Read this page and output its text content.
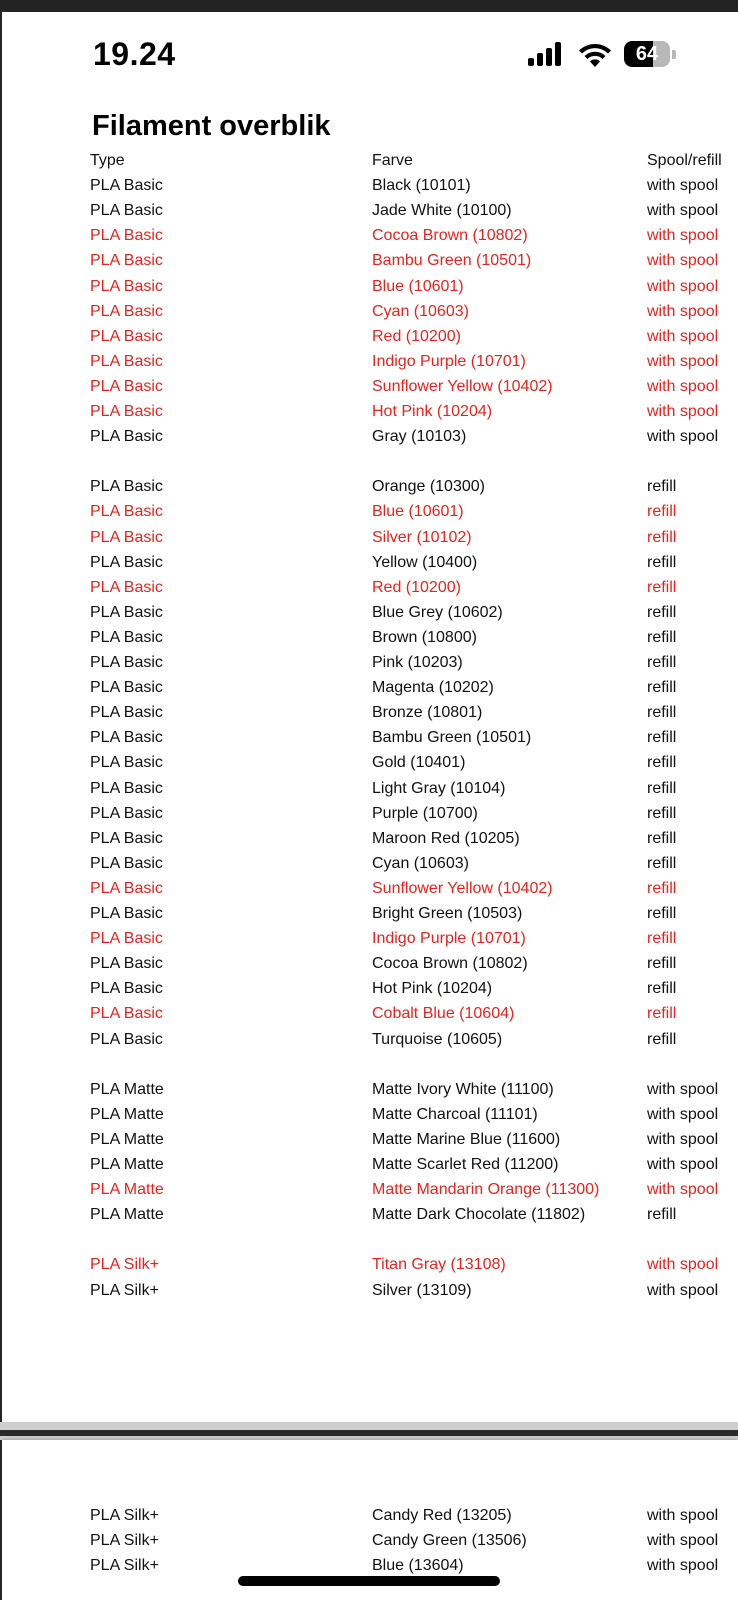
19.24	64
Filament overblik
Type	Farve	Spool/refill
PLA Basic	Black (10101)	with spool
PLA Basic	Jade White (10100)	with spool
PLA Basic	Cocoa Brown (10802)	with spool
PLA Basic	Bambu Green (10501)	with spool
PLA Basic	Blue (10601)	with spool
PLA Basic	Cyan (10603)	with spool
PLA Basic	Red (10200)	with spool
PLA Basic	Indigo Purple (10701)	with spool
PLA Basic	Sunflower Yellow (10402)	with spool
PLA Basic	Hot Pink (10204)	with spool
PLA Basic	Gray (10103)	with spool
PLA Basic	Orange (10300)	refill
PLA Basic	Blue (10601)	refill
PLA Basic	Silver (10102)	refill
PLA Basic	Yellow (10400)	refill
PLA Basic	Red (10200)	refill
PLA Basic	Blue Grey (10602)	refill
PLA Basic	Brown (10800)	refill
PLA Basic	Pink (10203)	refill
PLA Basic	Magenta (10202)	refill
PLA Basic	Bronze (10801)	refill
PLA Basic	Bambu Green (10501)	refill
PLA Basic	Gold (10401)	refill
PLA Basic	Light Gray (10104)	refill
PLA Basic	Purple (10700)	refill
PLA Basic	Maroon Red (10205)	refill
PLA Basic	Cyan (10603)	refill
PLA Basic	Sunflower Yellow (10402)	refill
PLA Basic	Bright Green (10503)	refill
PLA Basic	Indigo Purple (10701)	refill
PLA Basic	Cocoa Brown (10802)	refill
PLA Basic	Hot Pink (10204)	refill
PLA Basic	Cobalt Blue (10604)	refill
PLA Basic	Turquoise (10605)	refill
PLA Matte	Matte Ivory White (11100)	with spool
PLA Matte	Matte Charcoal (11101)	with spool
PLA Matte	Matte Marine Blue (11600)	with spool
PLA Matte	Matte Scarlet Red (11200)	with spool
PLA Matte	Matte Mandarin Orange (11300)	with spool
PLA Matte	Matte Dark Chocolate (11802)	refill
PLA Silk+	Titan Gray (13108)	with spool
PLA Silk+	Silver (13109)	with spool
PLA Silk+	Candy Red (13205)	with spool
PLA Silk+	Candy Green (13506)	with spool
PLA Silk+	Blue (13604)	with spool
